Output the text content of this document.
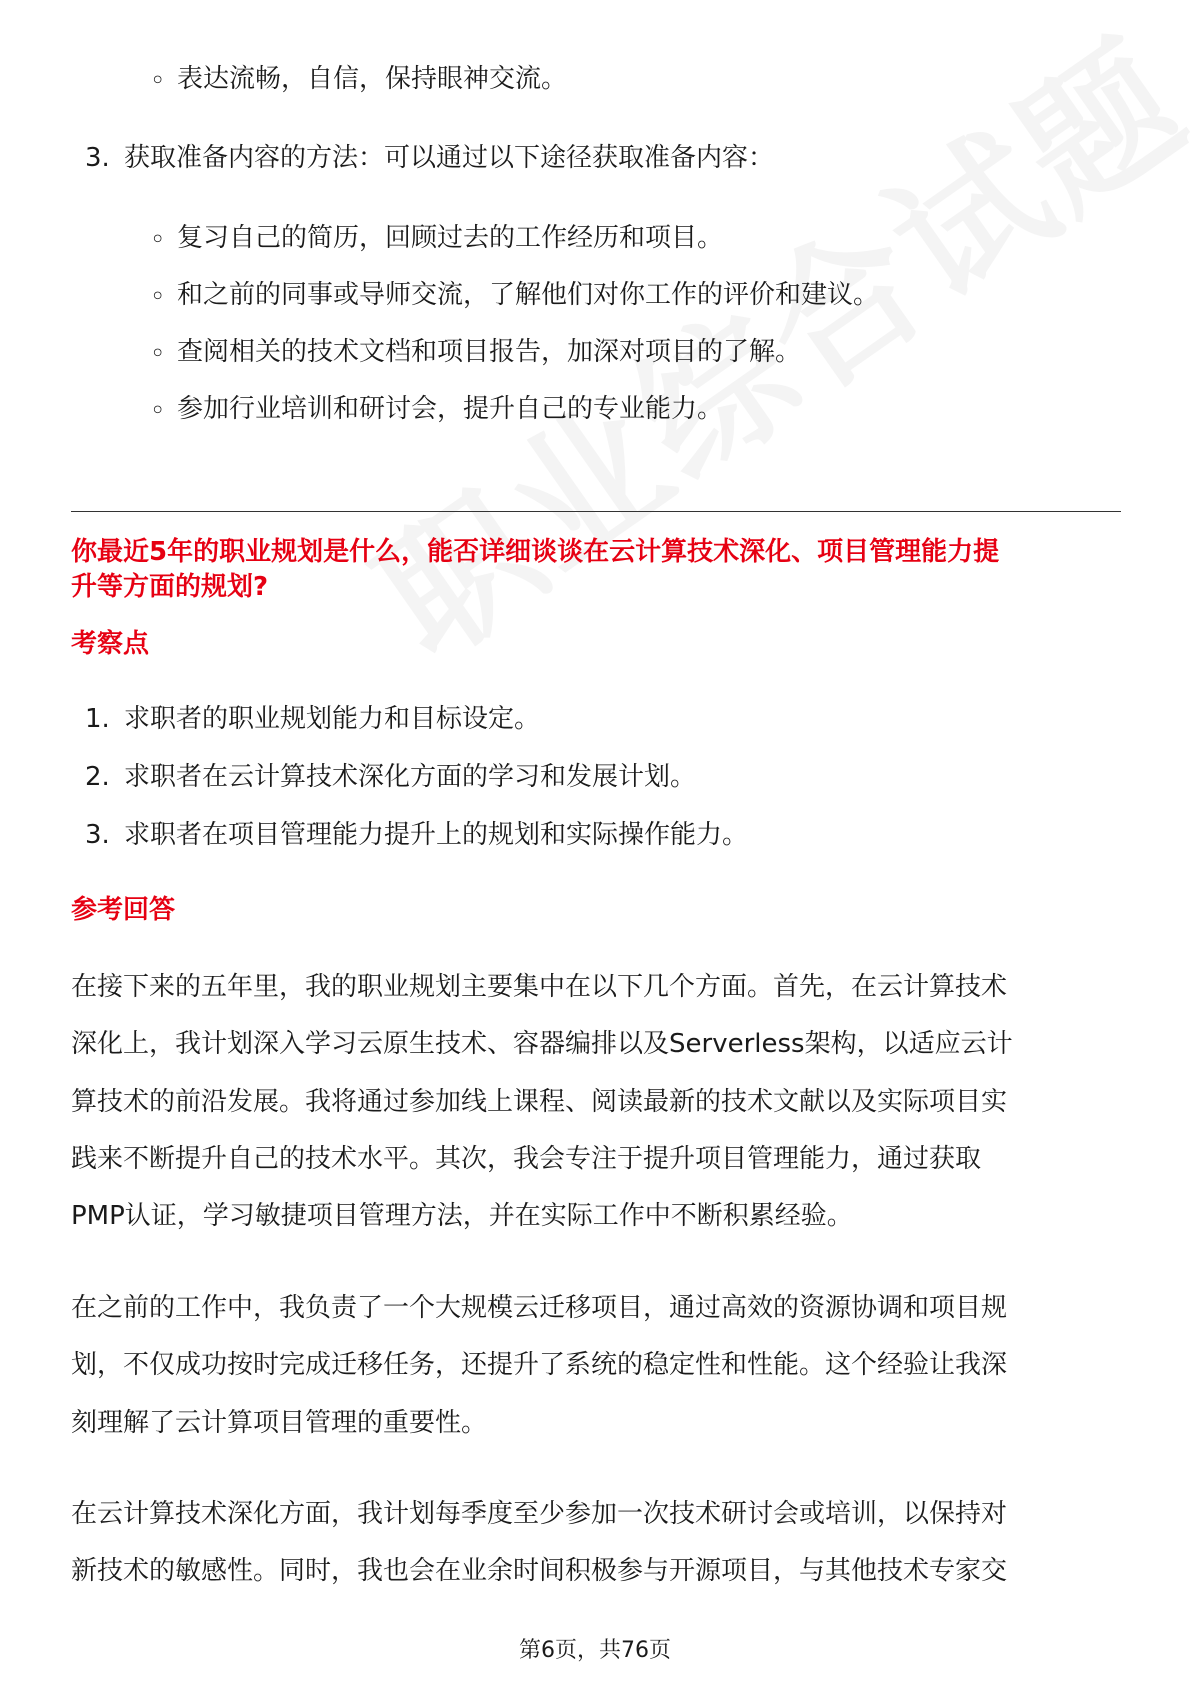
◦ 表达流畅，自信，保持眼神交流。
3. 获取准备内容的方法：可以通过以下途径获取准备内容：
◦ 复习自己的简历，回顾过去的工作经历和项目。
◦ 和之前的同事或导师交流，了解他们对你工作的评价和建议。
◦ 查阅相关的技术文档和项目报告，加深对项目的了解。
◦ 参加行业培训和研讨会，提升自己的专业能力。
你最近5年的职业规划是什么，能否详细谈谈在云计算技术深化、项目管理能力提
升等方面的规划?
考察点
1. 求职者的职业规划能力和目标设定。
2. 求职者在云计算技术深化方面的学习和发展计划。
3. 求职者在项目管理能力提升上的规划和实际操作能力。
参考回答
在接下来的五年里，我的职业规划主要集中在以下几个方面。首先，在云计算技术
深化上，我计划深入学习云原生技术、容器编排以及Serverless架构，以适应云计
算技术的前沿发展。我将通过参加线上课程、阅读最新的技术文献以及实际项目实
践来不断提升自己的技术水平。其次，我会专注于提升项目管理能力，通过获取
PMP认证，学习敏捷项目管理方法，并在实际工作中不断积累经验。
在之前的工作中，我负责了一个大规模云迁移项目，通过高效的资源协调和项目规
划，不仅成功按时完成迁移任务，还提升了系统的稳定性和性能。这个经验让我深
刻理解了云计算项目管理的重要性。
在云计算技术深化方面，我计划每季度至少参加一次技术研讨会或培训，以保持对
新技术的敏感性。同时，我也会在业余时间积极参与开源项目，与其他技术专家交
第6页，共76页
